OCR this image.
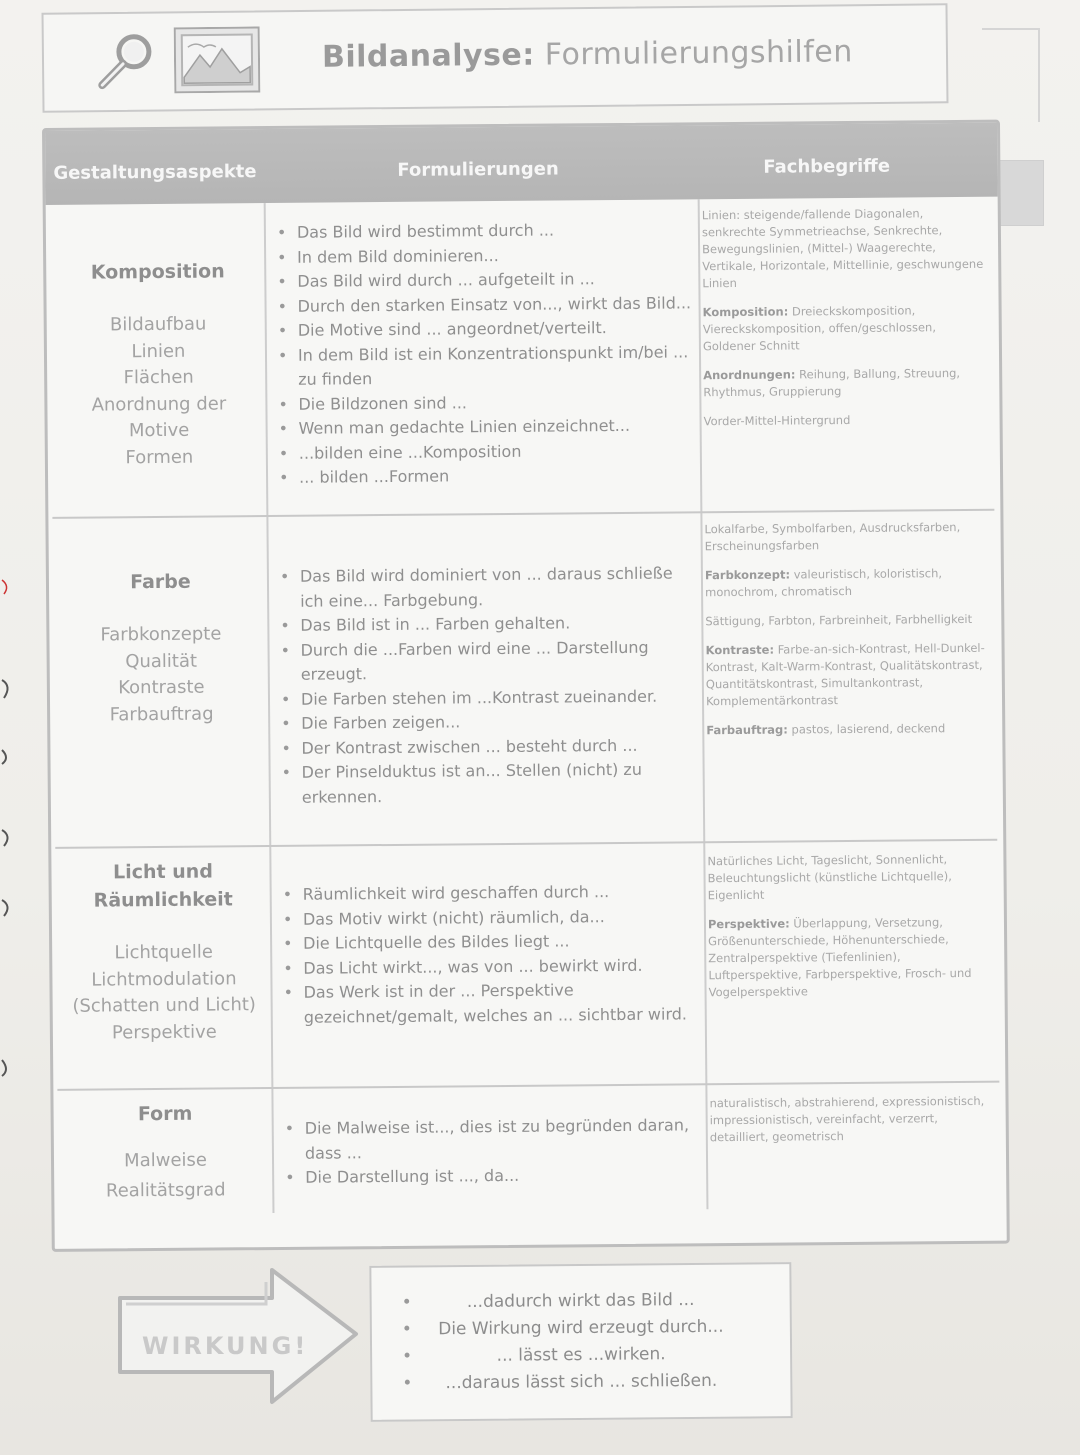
Bildanalyse: Formulierungshilfen
Gestaltungsaspekte	Formulierungen	Fachbegriffe
Komposition
Bildaufbau
Linien
Flächen
Anordnung der
Motive
Formen
• Das Bild wird bestimmt durch ...
• In dem Bild dominieren...
• Das Bild wird durch ... aufgeteilt in ...
• Durch den starken Einsatz von..., wirkt das Bild...
• Die Motive sind ... angeordnet/verteilt.
• In dem Bild ist ein Konzentrationspunkt im/bei ... zu finden
• Die Bildzonen sind ...
• Wenn man gedachte Linien einzeichnet...
• ...bilden eine ...Komposition
• ... bilden ...Formen

Linien: steigende/fallende Diagonalen, senkrechte Symmetrieachse, Senkrechte, Bewegungslinien, (Mittel-) Waagerechte, Vertikale, Horizontale, Mittellinie, geschwungene Linien

Komposition: Dreieckskomposition, Viereckskomposition, offen/geschlossen, Goldener Schnitt

Anordnungen: Reihung, Ballung, Streuung, Rhythmus, Gruppierung

Vorder-Mittel-Hintergrund

Farbe
Farbkonzepte
Qualität
Kontraste
Farbauftrag
• Das Bild wird dominiert von ... daraus schließe ich eine... Farbgebung.
• Das Bild ist in ... Farben gehalten.
• Durch die ...Farben wird eine ... Darstellung erzeugt.
• Die Farben stehen im ...Kontrast zueinander.
• Die Farben zeigen...
• Der Kontrast zwischen ... besteht durch ...
• Der Pinselduktus ist an... Stellen (nicht) zu erkennen.

Lokalfarbe, Symbolfarben, Ausdrucksfarben, Erscheinungsfarben

Farbkonzept: valeuristisch, koloristisch, monochrom, chromatisch

Sättigung, Farbton, Farbreinheit, Farbhelligkeit

Kontraste: Farbe-an-sich-Kontrast, Hell-Dunkel-Kontrast, Kalt-Warm-Kontrast, Qualitätskontrast, Quantitätskontrast, Simultankontrast, Komplementärkontrast

Farbauftrag: pastos, lasierend, deckend

Licht und Räumlichkeit
Lichtquelle
Lichtmodulation
(Schatten und Licht)
Perspektive
• Räumlichkeit wird geschaffen durch ...
• Das Motiv wirkt (nicht) räumlich, da...
• Die Lichtquelle des Bildes liegt ...
• Das Licht wirkt..., was von ... bewirkt wird.
• Das Werk ist in der ... Perspektive gezeichnet/gemalt, welches an ... sichtbar wird.

Natürliches Licht, Tageslicht, Sonnenlicht, Beleuchtungslicht (künstliche Lichtquelle), Eigenlicht

Perspektive: Überlappung, Versetzung, Größenunterschiede, Höhenunterschiede, Zentralperspektive (Tiefenlinien), Luftperspektive, Farbperspektive, Frosch- und Vogelperspektive

Form
Malweise
Realitätsgrad
• Die Malweise ist..., dies ist zu begründen daran, dass ...
• Die Darstellung ist ..., da...

naturalistisch, abstrahierend, expressionistisch, impressionistisch, vereinfacht, verzerrt, detailliert, geometrisch

WIRKUNG!
• ...dadurch wirkt das Bild ...
• Die Wirkung wird erzeugt durch...
• ... lässt es ...wirken.
• ...daraus lässt sich ... schließen.
